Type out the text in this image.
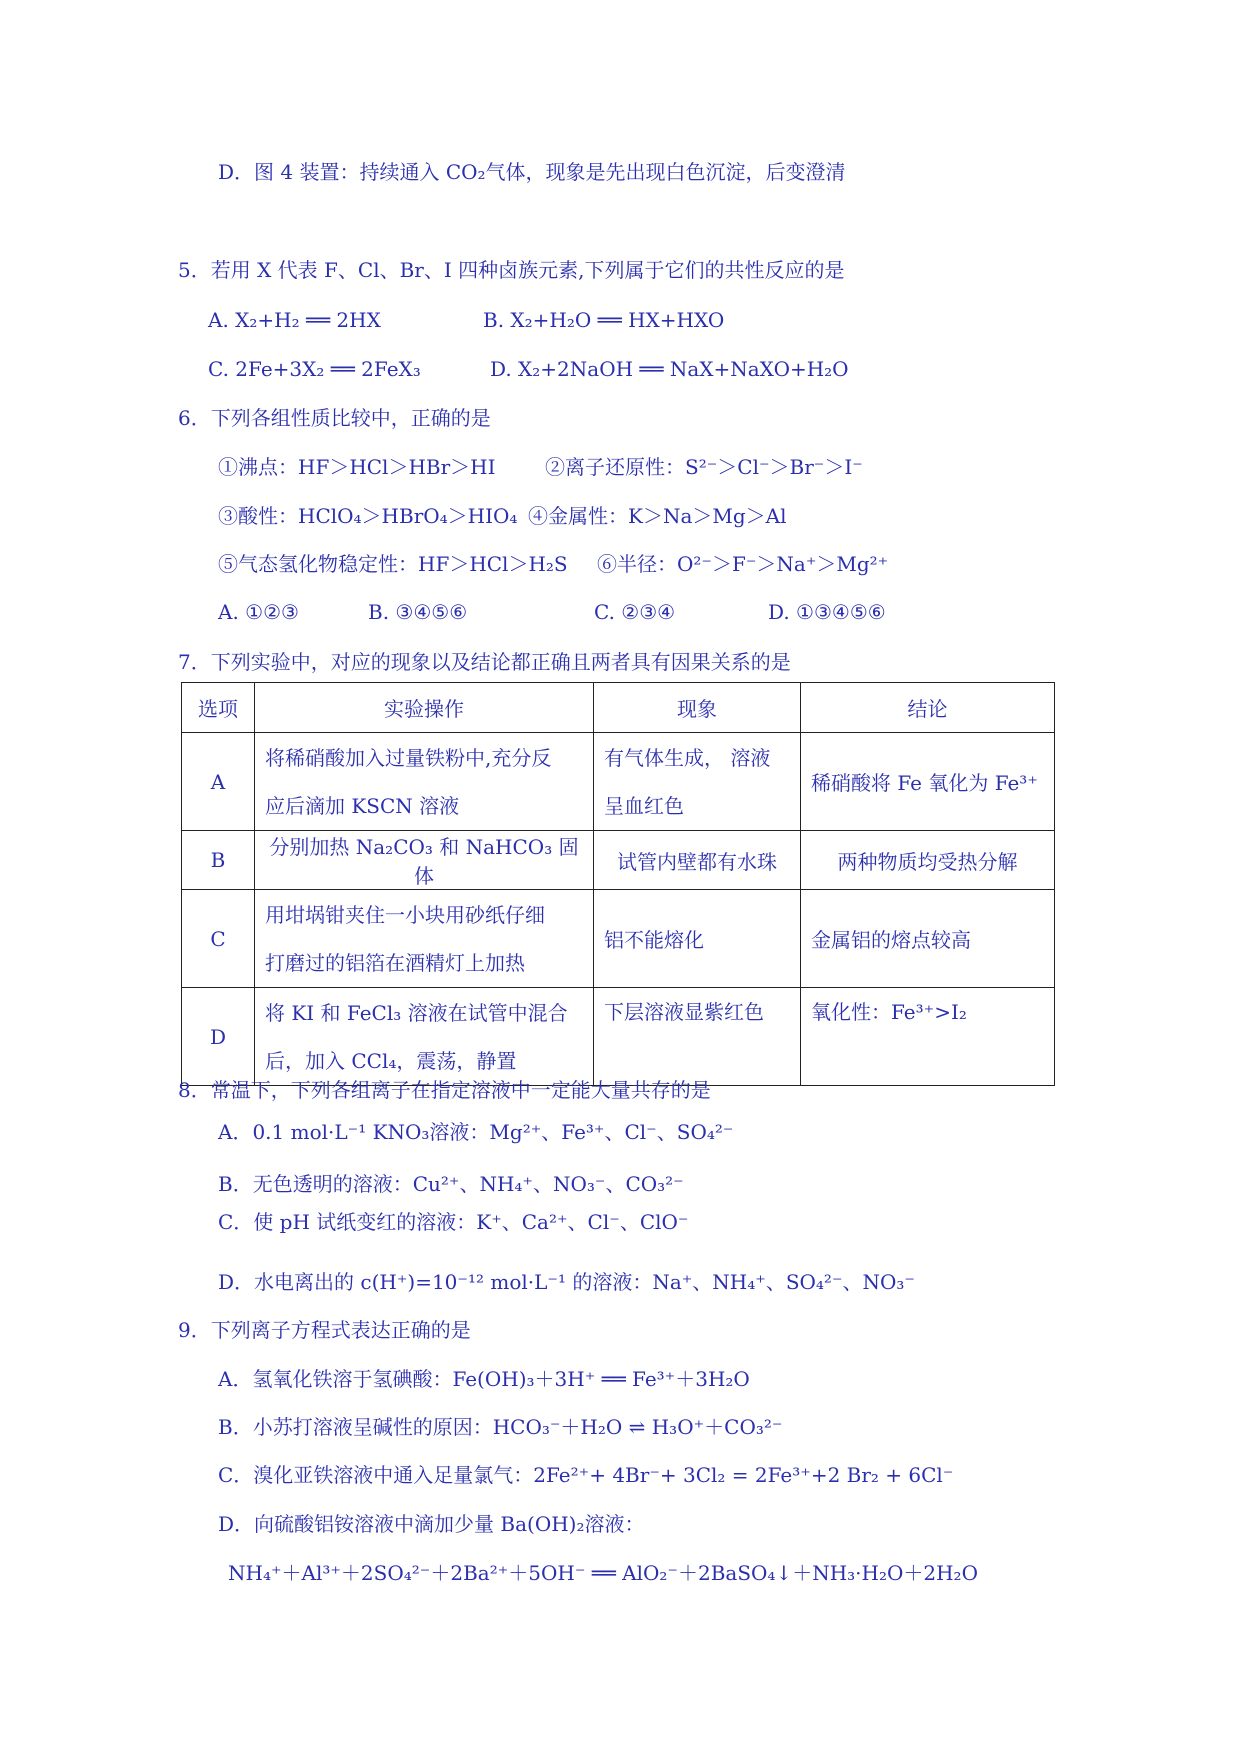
D．图 4 装置：持续通入 CO₂气体，现象是先出现白色沉淀，后变澄清
5．若用 X 代表 F、Cl、Br、I 四种卤族元素,下列属于它们的共性反应的是
A. X₂+H₂ ══ 2HX	B. X₂+H₂O ══ HX+HXO
C. 2Fe+3X₂ ══ 2FeX₃	D. X₂+2NaOH ══ NaX+NaXO+H₂O
6．下列各组性质比较中，正确的是
①沸点：HF＞HCl＞HBr＞HI ②离子还原性：S²⁻＞Cl⁻＞Br⁻＞I⁻
③酸性：HClO₄＞HBrO₄＞HIO₄ ④金属性：K＞Na＞Mg＞Al
⑤气态氢化物稳定性：HF＞HCl＞H₂S ⑥半径：O²⁻＞F⁻＞Na⁺＞Mg²⁺
A. ①②③	B. ③④⑤⑥	C. ②③④	D. ①③④⑤⑥
7．下列实验中，对应的现象以及结论都正确且两者具有因果关系的是
选项	实验操作	现象	结论
A	将稀硝酸加入过量铁粉中,充分反
应后滴加 KSCN 溶液	有气体生成， 溶液
呈血红色	稀硝酸将 Fe 氧化为 Fe³⁺
B	分别加热 Na₂CO₃ 和 NaHCO₃ 固体	试管内壁都有水珠	两种物质均受热分解
C	用坩埚钳夹住一小块用砂纸仔细
打磨过的铝箔在酒精灯上加热	铝不能熔化	金属铝的熔点较高
D	将 KI 和 FeCl₃ 溶液在试管中混合
后，加入 CCl₄，震荡，静置	下层溶液显紫红色	氧化性：Fe³⁺>I₂
8．常温下，下列各组离子在指定溶液中一定能大量共存的是
A．0.1 mol·L⁻¹ KNO₃溶液：Mg²⁺、Fe³⁺、Cl⁻、SO₄²⁻
B．无色透明的溶液：Cu²⁺、NH₄⁺、NO₃⁻、CO₃²⁻
C．使 pH 试纸变红的溶液：K⁺、Ca²⁺、Cl⁻、ClO⁻
D．水电离出的 c(H⁺)=10⁻¹² mol·L⁻¹ 的溶液：Na⁺、NH₄⁺、SO₄²⁻、NO₃⁻
9．下列离子方程式表达正确的是
A．氢氧化铁溶于氢碘酸：Fe(OH)₃＋3H⁺ ══ Fe³⁺＋3H₂O
B．小苏打溶液呈碱性的原因：HCO₃⁻＋H₂O ⇌ H₃O⁺＋CO₃²⁻
C．溴化亚铁溶液中通入足量氯气：2Fe²⁺+ 4Br⁻+ 3Cl₂ = 2Fe³⁺+2 Br₂ + 6Cl⁻
D．向硫酸铝铵溶液中滴加少量 Ba(OH)₂溶液：
NH₄⁺＋Al³⁺＋2SO₄²⁻＋2Ba²⁺＋5OH⁻ ══ AlO₂⁻＋2BaSO₄↓＋NH₃·H₂O＋2H₂O
